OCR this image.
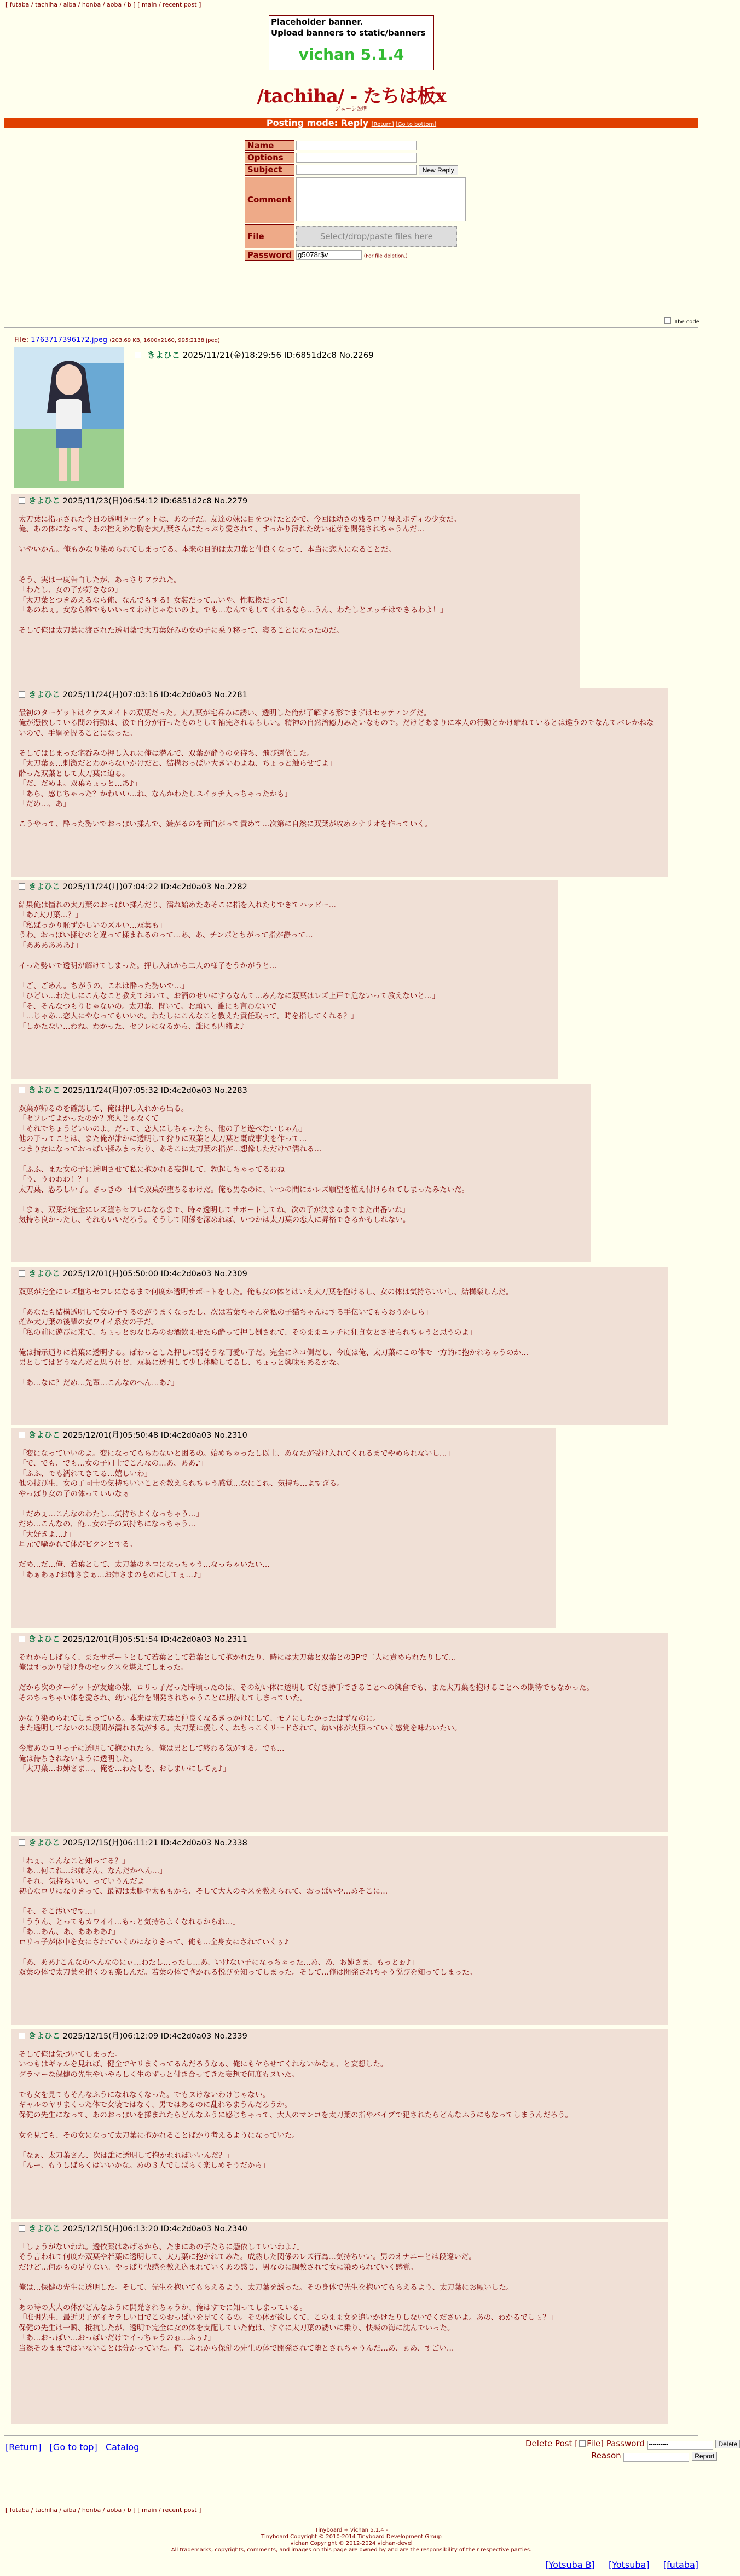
[ futaba / tachiha / aiba / honba / aoba / b ] [ main / recent post ]
Placeholder banner.
Upload banners to static/banners
vichan 5.1.4
/tachiha/ - たちは板x
ジューシ説明
Posting mode: Reply [Return] [Go to bottom]
Name	
Options	
Subject	New Reply
Comment	
File	Select/drop/paste files here

Password	g5078r$v(For file deletion.)
The code
File: 1763717396172.jpeg (203.69 KB, 1600x2160, 995:2138 jpeg)
きよひこ 2025/11/21(金)18:29:56 ID:6851d2c8 No.2269
きよひこ 2025/11/23(日)06:54:12 ID:6851d2c8 No.2279
太刀葉に指示された今日の透明ターゲットは、あの子だ。友達の妹に目をつけたとかで、今回は幼さの残るロリ母えボディの少女だ。
俺、あの体になって、あの控えめな胸を太刀葉さんにたっぷり愛されて、すっかり薄れた幼い花芽を開発されちゃうんだ…
いやいかん。俺もかなり染められてしまってる。本来の目的は太刀葉と仲良くなって、本当に恋人になることだ。
――
そう、実は一度告白したが、あっさりフラれた。
「わたし、女の子が好きなの」
「太刀葉とつきあえるなら俺、なんでもする！女装だって…いや、性転換だって！」
「あのねぇ。女なら誰でもいいってわけじゃないのよ。でも…なんでもしてくれるなら…うん、わたしとエッチはできるわよ！」
そして俺は太刀葉に渡された透明薬で太刀葉好みの女の子に乗り移って、寝ることになったのだ。
きよひこ 2025/11/24(月)07:03:16 ID:4c2d0a03 No.2281
最初のターゲットはクラスメイトの双葉だった。太刀葉が宅呑みに誘い、透明した俺が了解する形でまずはセッティングだ。
俺が憑依している間の行動は、後で自分が行ったものとして補完されるらしい。精神の自然治癒力みたいなもので。だけどあまりに本人の行動とかけ離れているとは違うのでなんてバレかねないので、手綱を握ることになった。
そしてはじまった宅呑みの押し入れに俺は潜んで、双葉が酔うのを待ち、飛び憑依した。
「太刀葉ぁ…刺激だとわからないかけだと、結構おっぱい大きいわよね、ちょっと触らせてよ」
酔った双葉として太刀葉に迫る。
「だ、だめよ。双葉ちょっと…あ♪」
「あら、感じちゃった？かわいい…ね、なんかわたしスイッチ入っちゃったかも」
「だめ…、あ」
こうやって、酔った勢いでおっぱい揉んで、嫌がるのを面白がって責めて…次第に自然に双葉が攻めシナリオを作っていく。
きよひこ 2025/11/24(月)07:04:22 ID:4c2d0a03 No.2282
結果俺は憧れの太刀葉のおっぱい揉んだり、濡れ始めたあそこに指を入れたりできてハッピー…
「あ♪太刀葉…？」
「私ばっかり恥ずかしいのズルい…双葉も」
うわ、おっぱい揉むのと違って揉まれるのって…あ、あ、チンポとちがって指が静って…
「ああああああ♪」
イった勢いで透明が解けてしまった。押し入れから二人の様子をうかがうと…
「ご、ごめん。ちがうの、これは酔った勢いで…」
「ひどい…わたしにこんなこと教えておいて、お酒のせいにするなんて…みんなに双葉はレズ上戸で危ないって教えないと…」
「そ、そんなつもりじゃないの。太刀葉、聞いて。お願い、誰にも言わないで」
「…じゃあ…恋人にやなってもいいの。わたしにこんなこと教えた責任取って。時を指してくれる？」
「しかたない…わね。わかった、セフレになるから、誰にも内緒よ♪」
きよひこ 2025/11/24(月)07:05:32 ID:4c2d0a03 No.2283
双葉が帰るのを確認して、俺は押し入れから出る。
「セフレてよかったのか？恋人じゃなくて」
「それでちょうどいいのよ。だって、恋人にしちゃったら、他の子と遊べないじゃん」
他の子ってことは、また俺が誰かに透明して狩りに双葉と太刀葉と既成事実を作って…
つまり女になっておっぱい揉みまったり、あそこに太刀葉の指が…想像しただけで濡れる…
「ふふ、また女の子に透明させて私に抱かれる妄想して、勃起しちゃってるわね」
「う、うわわわ！？」
太刀葉、恐ろしい子。さっきの一回で双葉が堕ちるわけだ。俺も男なのに、いつの間にかレズ願望を植え付けられてしまったみたいだ。
「まぁ、双葉が完全にレズ堕ちセフレになるまで、時々透明してサポートしてね。次の子が決まるまでまた出番いね」
気持ち良かったし、それもいいだろう。そうして関係を深めれば、いつかは太刀葉の恋人に昇格できるかもしれない。
きよひこ 2025/12/01(月)05:50:00 ID:4c2d0a03 No.2309
双葉が完全にレズ堕ちセフレになるまで何度か透明サポートをした。俺も女の体とはいえ太刀葉を抱けるし、女の体は気持ちいいし、結構楽しんだ。
「あなたも結構透明して女の子するのがうまくなったし、次は若葉ちゃんを私の子猫ちゃんにする手伝いてもらおうかしら」
確か太刀葉の後輩の女ワイイ系女の子だ。
「私の前に遊びに来て、ちょっとおなじみのお酒飲ませたら酔って押し倒されて、そのままエッチに狂貞女とさせられちゃうと思うのよ」
俺は指示通りに若葉に透明する。ぱわっとした押しに弱そうな可愛い子だ。完全にネコ側だし、今度は俺、太刀葉にこの体で一方的に抱かれちゃうのか…
男としてはどうなんだと思うけど、双葉に透明して少し体験してるし、ちょっと興味もあるかな。
「あ…なに？だめ…先輩…こんなのへん…あ♪」
きよひこ 2025/12/01(月)05:50:48 ID:4c2d0a03 No.2310
「変になっていいのよ。変になってもらわないと困るの。始めちゃったし以上、あなたが受け入れてくれるまでやめられないし…」
「で、でも、でも…女の子同士でこんなの…あ、ああ♪」
「ふふ、でも濡れてきてる…嬉しいわ」
他の技び生、女の子同士の気持ちいいことを教えられちゃう感覚…なにこれ、気持ち…よすぎる。
やっぱり女の子の体っていいなぁ
「だめぇ…こんなのわたし…気持ちよくなっちゃう…」
だめ…こんなの、俺…女の子の気持ちになっちゃう…
「大好きよ…♪」
耳元で囁かれて体がビクンとする。
だめ…だ…俺、若葉として、太刀葉のネコになっちゃう…なっちゃいたい…
「あぁあぁ♪お姉さまぁ…お姉さまのものにしてぇ…♪」
きよひこ 2025/12/01(月)05:51:54 ID:4c2d0a03 No.2311
それからしばらく、またサポートとして若葉として若葉として抱かれたり、時には太刀葉と双葉との3Pで二人に責められたりして…
俺はすっかり受け身のセックスを堪えてしまった。
だから次のターゲットが友達の妹、ロリっ子だった時頃ったのは、その幼い体に透明して好き勝手できることへの興奮でも、また太刀葉を抱けることへの期待でもなかった。
そのちっちゃい体を愛され、幼い花弁を開発されちゃうことに期待してしまっていた。
かなり染められてしまっている。本来は太刀葉と仲良くなるきっかけにして、モノにしたかったはずなのに。
また透明してないのに股間が濡れる気がする。太刀葉に優しく、ねちっこくリードされて、幼い体が火照っていく感覚を味わいたい。
今度あのロリっ子に透明して抱かれたら、俺は男として終わる気がする。でも…
俺は待ちきれないように透明した。
「太刀葉…お姉さま…、俺を…わたしを、おしまいにしてぇ♪」
きよひこ 2025/12/15(月)06:11:21 ID:4c2d0a03 No.2338
「ねぇ、こんなこと知ってる？」
「あ…何これ…お姉さん、なんだかへん…」
「それ、気持ちいい、っていうんだよ」
初心なロリになりきって、最初は太腿や太ももから、そして大人のキスを教えられて、おっぱいや…あそこに…
「そ、そこ汚いです…」
「ううん、とってもカワイイ…もっと気持ちよくなれるからね…」
「あ…あん、あ、ああああ♪」
ロリっ子が体中を女にされていくのになりきって、俺も…全身女にされていくぅ♪
「あ、ああ♪こんなのへんなのにぃ…わたし…ったし…あ、いけない子になっちゃった…あ、あ、お姉さま、もっとぉ♪」
双葉の体で太刀葉を抱くのも楽しんだ。若葉の体で抱かれる悦びを知ってしまった。そして…俺は開発されちゃう悦びを知ってしまった。
きよひこ 2025/12/15(月)06:12:09 ID:4c2d0a03 No.2339
そして俺は気づいてしまった。
いつもはギャルを見れば、健全でヤリまくってるんだろうなぁ、俺にもヤらせてくれないかなぁ、と妄想した。
グラマーな保健の先生やいやらしく生のずっと付き合ってきた妄想で何度もヌいた。
でも女を見てもそんなふうになれなくなった。でもヌけないわけじゃない。
ギャルのヤリまくった体で女装ではなく、男ではあるのに乱れちまうんだろうか。
保健の先生になって、あのおっぱいを揉まれたらどんなふうに感じちゃって、大人のマンコを太刀葉の指やバイブで犯されたらどんなふうにもなってしまうんだろう。
女を見ても、その女になって太刀葉に抱かれることばかり考えるようになっていた。
「なぁ、太刀葉さん、次は誰に透明して抱かれればいいんだ？」
「んー、もうしばらくはいいかな。あの３人でしばらく楽しめそうだから」
きよひこ 2025/12/15(月)06:13:20 ID:4c2d0a03 No.2340
「しょうがないわね。透依薬はあげるから、たまにあの子たちに憑依していいわよ♪」
そう言われて何度か双葉や若葉に透明して、太刀葉に抱かれてみた。成熟した関係のレズ行為…気持ちいい。男のオナニーとは段違いだ。
だけど…何かもの足りない。やっぱり快感を教え込まれていくあの感じ、男なのに調教されて女に染められていく感覚。
俺は…保健の先生に透明した。そして、先生を抱いてもらえるよう、太刀葉を誘った。その身体で先生を抱いてもらえるよう、太刀葉にお願いした。
、
あの時の大人の体がどんなふうに開発されちゃうか、俺はすでに知ってしまっている。
「唯明先生、最近男子がイヤラしい目でこのおっぱいを見てくるの。その体が欲しくて、このまま女を追いかけたりしないでくださいよ。あの、わかるでしょ？」
保健の先生は一瞬、抵抗したが、透明で完全に女の体を支配していた俺は、すぐに太刀葉の誘いに乗り、快楽の海に沈んでいった。
「あ…おっぱい…おっぱいだけでイっちゃうのぉ…ふぅ♪」
当然そのままではいないことは分かっていた。俺、これから保健の先生の体で開発されて堕とされちゃうんだ…あ、ぁあ、すごい…
[Return] [Go to top] Catalog	Delete Post [ File] Password ••••••••••	Delete
Reason	Report
[ futaba / tachiha / aiba / honba / aoba / b ] [ main / recent post ]
Tinyboard + vichan 5.1.4 -
Tinyboard Copyright © 2010-2014 Tinyboard Development Group
vichan Copyright © 2012-2024 vichan-devel
All trademarks, copyrights, comments, and images on this page are owned by and are the responsibility of their respective parties.
[Yotsuba B] [Yotsuba] [futaba]
